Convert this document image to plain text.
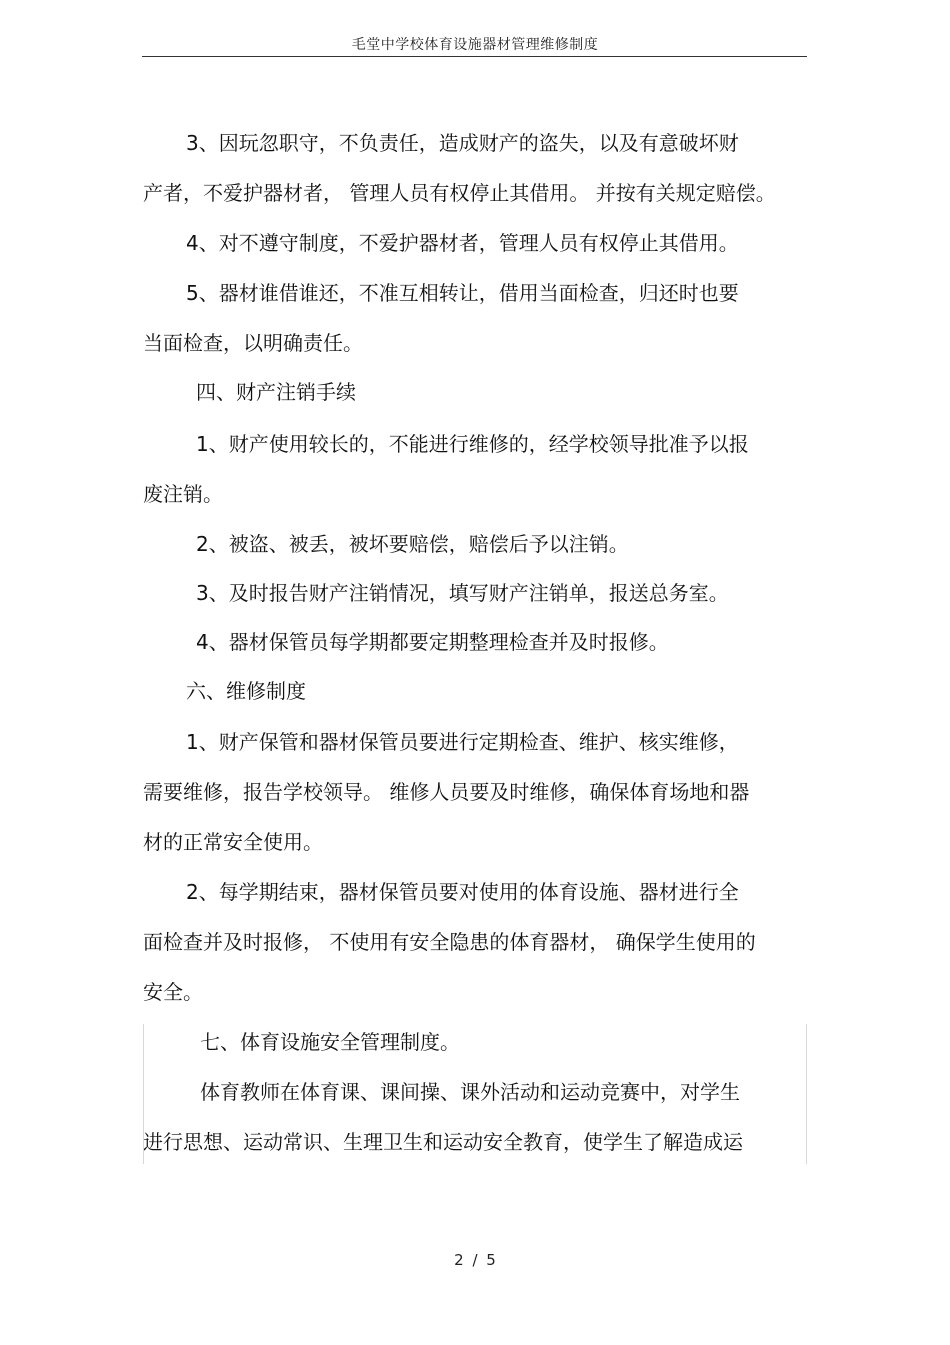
毛堂中学校体育设施器材管理维修制度
3、因玩忽职守，不负责任，造成财产的盗失，以及有意破坏财
产者，不爱护器材者， 管理人员有权停止其借用。 并按有关规定赔偿。
4、对不遵守制度，不爱护器材者，管理人员有权停止其借用。
5、器材谁借谁还，不准互相转让，借用当面检查，归还时也要
当面检查，以明确责任。
四、财产注销手续
1、财产使用较长的，不能进行维修的，经学校领导批准予以报
废注销。
2、被盗、被丢，被坏要赔偿，赔偿后予以注销。
3、及时报告财产注销情况，填写财产注销单，报送总务室。
4、器材保管员每学期都要定期整理检查并及时报修。
六、维修制度
1、财产保管和器材保管员要进行定期检查、维护、核实维修，
需要维修，报告学校领导。 维修人员要及时维修，确保体育场地和器
材的正常安全使用。
2、每学期结束，器材保管员要对使用的体育设施、器材进行全
面检查并及时报修， 不使用有安全隐患的体育器材， 确保学生使用的
安全。
七、体育设施安全管理制度。
体育教师在体育课、课间操、课外活动和运动竞赛中，对学生
进行思想、运动常识、生理卫生和运动安全教育，使学生了解造成运
2 / 5
